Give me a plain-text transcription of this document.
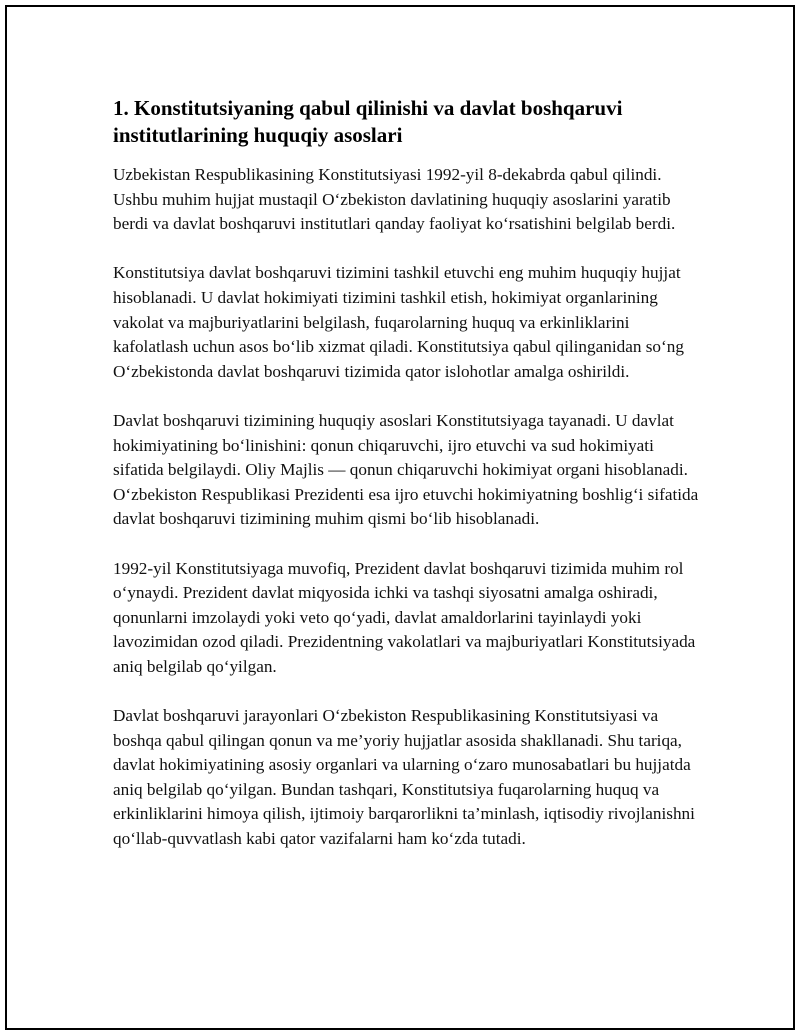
1. Konstitutsiyaning qabul qilinishi va davlat boshqaruvi institutlarining huquqiy asoslari

Uzbekistan Respublikasining Konstitutsiyasi 1992-yil 8-dekabrda qabul qilindi. Ushbu muhim hujjat mustaqil O‘zbekiston davlatining huquqiy asoslarini yaratib berdi va davlat boshqaruvi institutlari qanday faoliyat ko‘rsatishini belgilab berdi.

Konstitutsiya davlat boshqaruvi tizimini tashkil etuvchi eng muhim huquqiy hujjat hisoblanadi. U davlat hokimiyati tizimini tashkil etish, hokimiyat organlarining vakolat va majburiyatlarini belgilash, fuqarolarning huquq va erkinliklarini kafolatlash uchun asos bo‘lib xizmat qiladi. Konstitutsiya qabul qilinganidan so‘ng O‘zbekistonda davlat boshqaruvi tizimida qator islohotlar amalga oshirildi.

Davlat boshqaruvi tizimining huquqiy asoslari Konstitutsiyaga tayanadi. U davlat hokimiyatining bo‘linishini: qonun chiqaruvchi, ijro etuvchi va sud hokimiyati sifatida belgilaydi. Oliy Majlis — qonun chiqaruvchi hokimiyat organi hisoblanadi. O‘zbekiston Respublikasi Prezidenti esa ijro etuvchi hokimiyatning boshlig‘i sifatida davlat boshqaruvi tizimining muhim qismi bo‘lib hisoblanadi.

1992-yil Konstitutsiyaga muvofiq, Prezident davlat boshqaruvi tizimida muhim rol o‘ynaydi. Prezident davlat miqyosida ichki va tashqi siyosatni amalga oshiradi, qonunlarni imzolaydi yoki veto qo‘yadi, davlat amaldorlarini tayinlaydi yoki lavozimidan ozod qiladi. Prezidentning vakolatlari va majburiyatlari Konstitutsiyada aniq belgilab qo‘yilgan.

Davlat boshqaruvi jarayonlari O‘zbekiston Respublikasining Konstitutsiyasi va boshqa qabul qilingan qonun va me’yoriy hujjatlar asosida shakllanadi. Shu tariqa, davlat hokimiyatining asosiy organlari va ularning o‘zaro munosabatlari bu hujjatda aniq belgilab qo‘yilgan. Bundan tashqari, Konstitutsiya fuqarolarning huquq va erkinliklarini himoya qilish, ijtimoiy barqarorlikni ta’minlash, iqtisodiy rivojlanishni qo‘llab-quvvatlash kabi qator vazifalarni ham ko‘zda tutadi.
